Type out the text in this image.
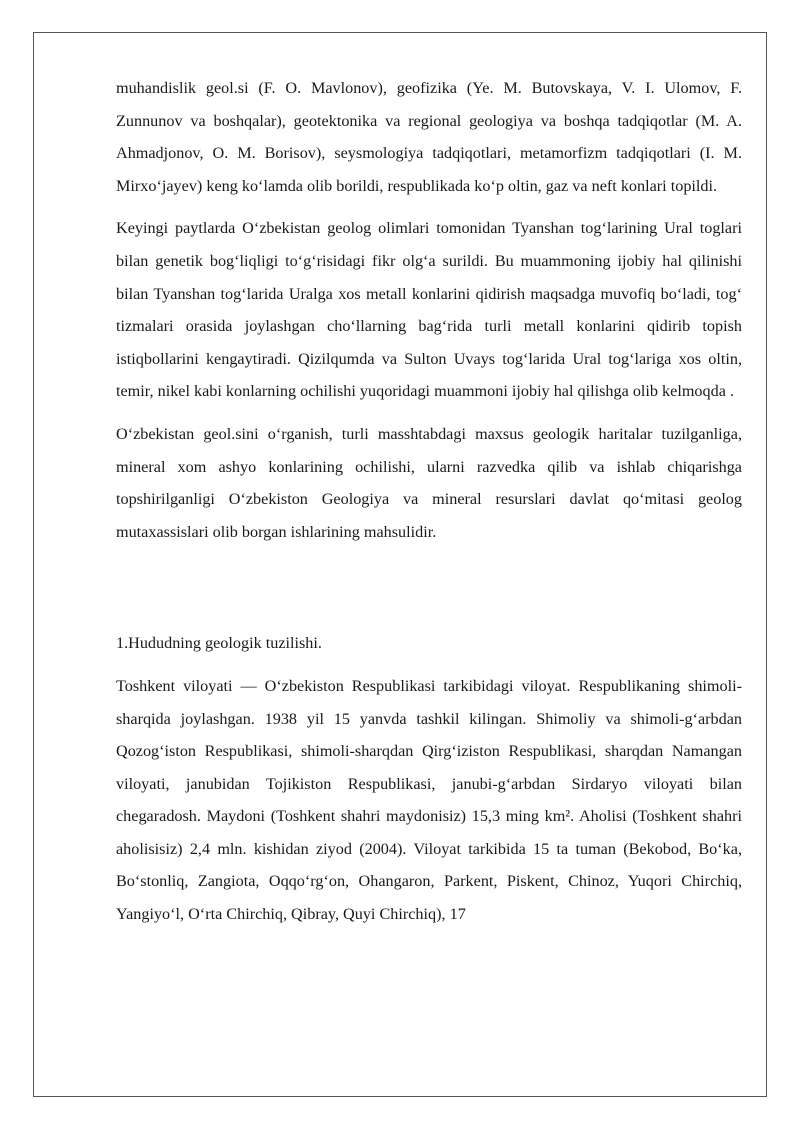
muhandislik geol.si (F. O. Mavlonov), geofizika (Ye. M. Butovskaya, V. I. Ulomov, F. Zunnunov va boshqalar), geotektonika va regional geologiya va boshqa tadqiqotlar (M. A. Ahmadjonov, O. M. Borisov), seysmologiya tadqiqotlari, metamorfizm tadqiqotlari (I. M. Mirxo‘jayev) keng ko‘lamda olib borildi, respublikada ko‘p oltin, gaz va neft konlari topildi.

Keyingi paytlarda O‘zbekistan geolog olimlari tomonidan Tyanshan tog‘larining Ural toglari bilan genetik bog‘liqligi to‘g‘risidagi fikr olg‘a surildi. Bu muammoning ijobiy hal qilinishi bilan Tyanshan tog‘larida Uralga xos metall konlarini qidirish maqsadga muvofiq bo‘ladi, tog‘ tizmalari orasida joylashgan cho‘llarning bag‘rida turli metall konlarini qidirib topish istiqbollarini kengaytiradi. Qizilqumda va Sulton Uvays tog‘larida Ural tog‘lariga xos oltin, temir, nikel kabi konlarning ochilishi yuqoridagi muammoni ijobiy hal qilishga olib kelmoqda .

O‘zbekistan geol.sini o‘rganish, turli masshtabdagi maxsus geologik haritalar tuzilganliga, mineral xom ashyo konlarining ochilishi, ularni razvedka qilib va ishlab chiqarishga topshirilganligi O‘zbekiston Geologiya va mineral resurslari davlat qo‘mitasi geolog mutaxassislari olib borgan ishlarining mahsulidir.

1.Hududning geologik tuzilishi.

Toshkent viloyati — O‘zbekiston Respublikasi tarkibidagi viloyat. Respublikaning shimoli-sharqida joylashgan. 1938 yil 15 yanvda tashkil kilingan. Shimoliy va shimoli-g‘arbdan Qozog‘iston Respublikasi, shimoli-sharqdan Qirg‘iziston Respublikasi, sharqdan Namangan viloyati, janubidan Tojikiston Respublikasi, janubi-g‘arbdan Sirdaryo viloyati bilan chegaradosh. Maydoni (Toshkent shahri maydonisiz) 15,3 ming km². Aholisi (Toshkent shahri aholisisiz) 2,4 mln. kishidan ziyod (2004). Viloyat tarkibida 15 ta tuman (Bekobod, Bo‘ka, Bo‘stonliq, Zangiota, Oqqo‘rg‘on, Ohangaron, Parkent, Piskent, Chinoz, Yuqori Chirchiq, Yangiyo‘l, O‘rta Chirchiq, Qibray, Quyi Chirchiq), 17
